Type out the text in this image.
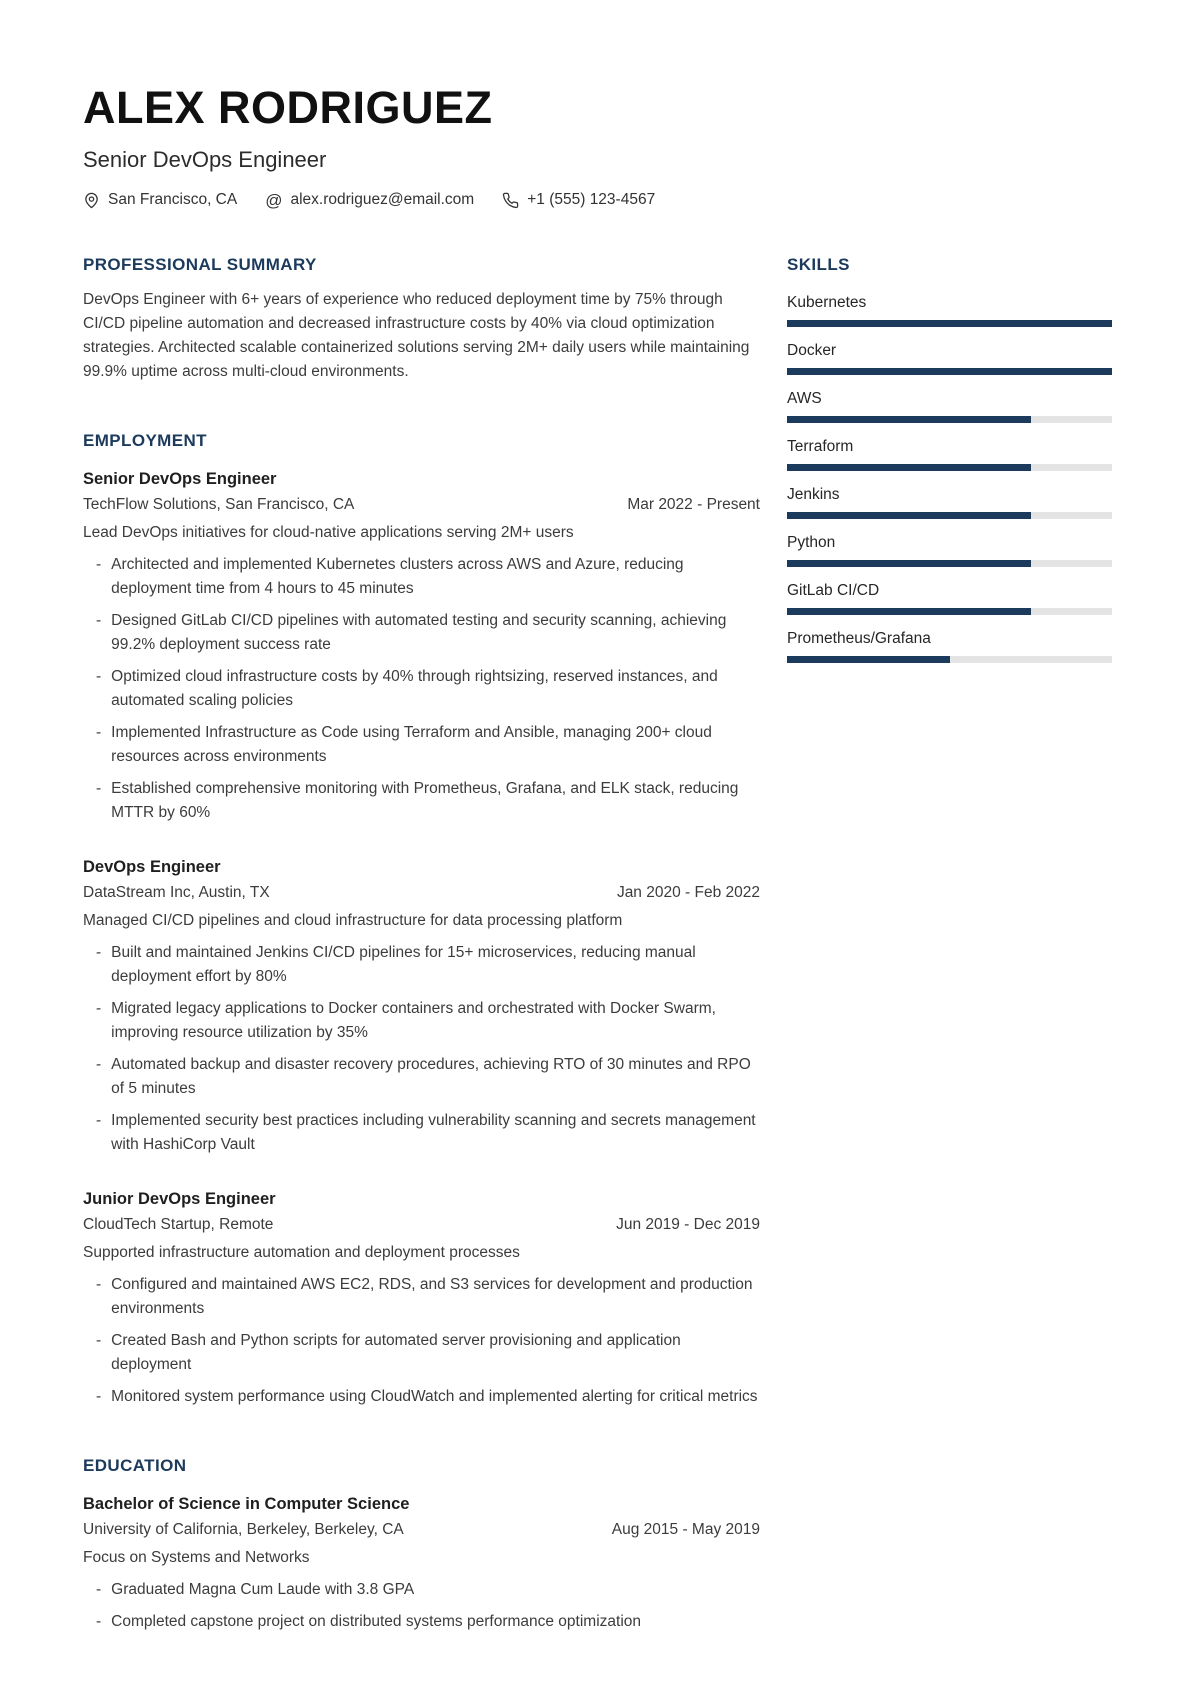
ALEX RODRIGUEZ
Senior DevOps Engineer
San Francisco, CA @ alex.rodriguez@email.com	+1 (555) 123-4567
PROFESSIONAL SUMMARY

DevOps Engineer with 6+ years of experience who reduced deployment time by 75% through CI/CD pipeline automation and decreased infrastructure costs by 40% via cloud optimization strategies. Architected scalable containerized solutions serving 2M+ daily users while maintaining 99.9% uptime across multi-cloud environments.

EMPLOYMENT
Senior DevOps Engineer
TechFlow Solutions, San Francisco, CA	Mar 2022 - Present
Lead DevOps initiatives for cloud-native applications serving 2M+ users
- Architected and implemented Kubernetes clusters across AWS and Azure, reducing deployment time from 4 hours to 45 minutes
- Designed GitLab CI/CD pipelines with automated testing and security scanning, achieving 99.2% deployment success rate
- Optimized cloud infrastructure costs by 40% through rightsizing, reserved instances, and automated scaling policies
- Implemented Infrastructure as Code using Terraform and Ansible, managing 200+ cloud resources across environments
- Established comprehensive monitoring with Prometheus, Grafana, and ELK stack, reducing MTTR by 60%
DevOps Engineer
DataStream Inc, Austin, TX	Jan 2020 - Feb 2022
Managed CI/CD pipelines and cloud infrastructure for data processing platform
- Built and maintained Jenkins CI/CD pipelines for 15+ microservices, reducing manual deployment effort by 80%
- Migrated legacy applications to Docker containers and orchestrated with Docker Swarm, improving resource utilization by 35%
- Automated backup and disaster recovery procedures, achieving RTO of 30 minutes and RPO of 5 minutes
- Implemented security best practices including vulnerability scanning and secrets management with HashiCorp Vault
Junior DevOps Engineer
CloudTech Startup, Remote	Jun 2019 - Dec 2019
Supported infrastructure automation and deployment processes
- Configured and maintained AWS EC2, RDS, and S3 services for development and production environments
- Created Bash and Python scripts for automated server provisioning and application deployment
- Monitored system performance using CloudWatch and implemented alerting for critical metrics
EDUCATION
Bachelor of Science in Computer Science
University of California, Berkeley, Berkeley, CA	Aug 2015 - May 2019
Focus on Systems and Networks
- Graduated Magna Cum Laude with 3.8 GPA
- Completed capstone project on distributed systems performance optimization
SKILLS
Kubernetes
Docker
AWS
Terraform
Jenkins
Python
GitLab CI/CD
Prometheus/Grafana
